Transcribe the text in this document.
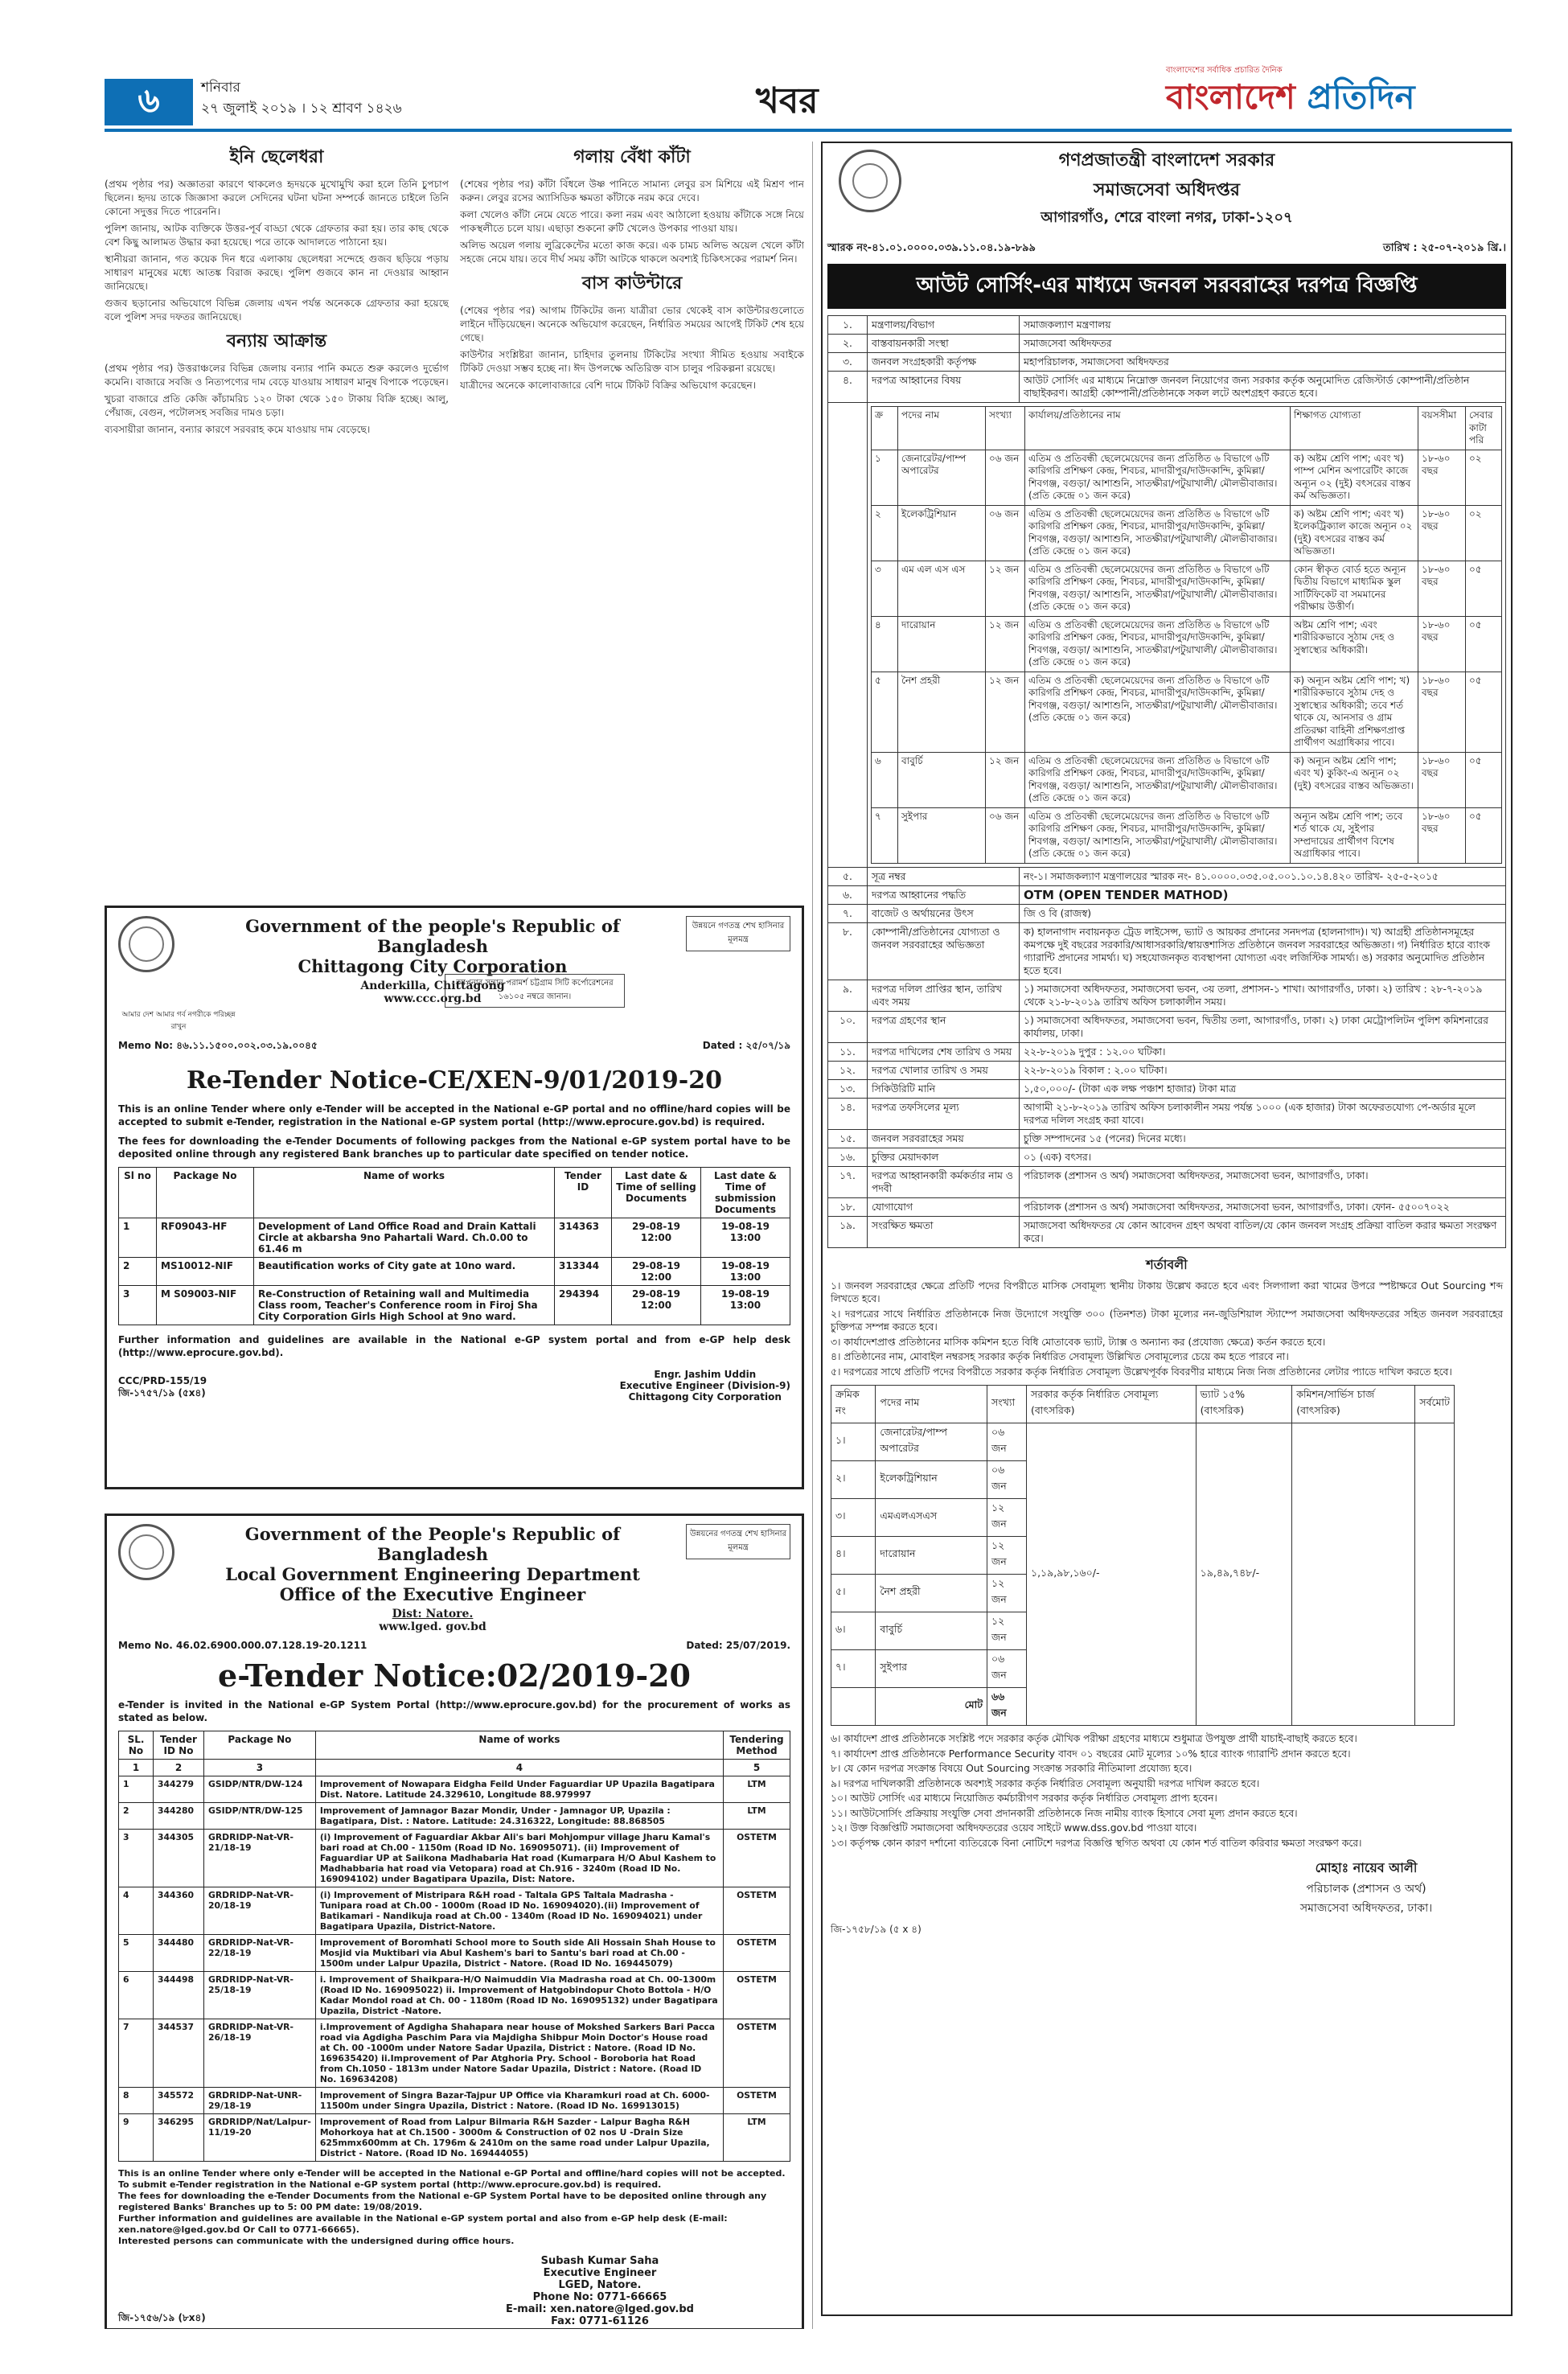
৬	শনিবার
২৭ জুলাই ২০১৯ । ১২ শ্রাবণ ১৪২৬	খবর
বাংলাদেশের সর্বাধিক প্রচারিত দৈনিক
বাংলাদেশ প্রতিদিন
ইনি ছেলেধরা

(প্রথম পৃষ্ঠার পর) অজ্ঞাতরা কারণে থাকলেও হৃদয়কে মুখোমুখি করা হলে তিনি চুপচাপ ছিলেন। হৃদয় তাকে জিজ্ঞাসা করলে সেদিনের ঘটনা ঘটনা সম্পর্কে জানতে চাইলে তিনি কোনো সদুত্তর দিতে পারেননি।

পুলিশ জানায়, আটক ব্যক্তিকে উত্তর-পূর্ব বাড্ডা থেকে গ্রেফতার করা হয়। তার কাছ থেকে বেশ কিছু আলামত উদ্ধার করা হয়েছে। পরে তাকে আদালতে পাঠানো হয়।

স্থানীয়রা জানান, গত কয়েক দিন ধরে এলাকায় ছেলেধরা সন্দেহে গুজব ছড়িয়ে পড়ায় সাধারণ মানুষের মধ্যে আতঙ্ক বিরাজ করছে। পুলিশ গুজবে কান না দেওয়ার আহ্বান জানিয়েছে।

গুজব ছড়ানোর অভিযোগে বিভিন্ন জেলায় এখন পর্যন্ত অনেককে গ্রেফতার করা হয়েছে বলে পুলিশ সদর দফতর জানিয়েছে।

বন্যায় আক্রান্ত

(প্রথম পৃষ্ঠার পর) উত্তরাঞ্চলের বিভিন্ন জেলায় বন্যার পানি কমতে শুরু করলেও দুর্ভোগ কমেনি। বাজারে সবজি ও নিত্যপণ্যের দাম বেড়ে যাওয়ায় সাধারণ মানুষ বিপাকে পড়েছেন।

খুচরা বাজারে প্রতি কেজি কাঁচামরিচ ১২০ টাকা থেকে ১৫০ টাকায় বিক্রি হচ্ছে। আলু, পেঁয়াজ, বেগুন, পটোলসহ সবজির দামও চড়া।

ব্যবসায়ীরা জানান, বন্যার কারণে সরবরাহ কমে যাওয়ায় দাম বেড়েছে।

গলায় বেঁধা কাঁটা

(শেষের পৃষ্ঠার পর) কাঁটা বিঁধলে উষ্ণ পানিতে সামান্য লেবুর রস মিশিয়ে এই মিশ্রণ পান করুন। লেবুর রসের অ্যাসিডিক ক্ষমতা কাঁটাকে নরম করে দেবে।

কলা খেলেও কাঁটা নেমে যেতে পারে। কলা নরম এবং আঠালো হওয়ায় কাঁটাকে সঙ্গে নিয়ে পাকস্থলীতে চলে যায়। এছাড়া শুকনো রুটি খেলেও উপকার পাওয়া যায়।

অলিভ অয়েল গলায় লুব্রিকেন্টের মতো কাজ করে। এক চামচ অলিভ অয়েল খেলে কাঁটা সহজে নেমে যায়। তবে দীর্ঘ সময় কাঁটা আটকে থাকলে অবশ্যই চিকিৎসকের পরামর্শ নিন।

বাস কাউন্টারে

(শেষের পৃষ্ঠার পর) আগাম টিকিটের জন্য যাত্রীরা ভোর থেকেই বাস কাউন্টারগুলোতে লাইনে দাঁড়িয়েছেন। অনেকে অভিযোগ করেছেন, নির্ধারিত সময়ের আগেই টিকিট শেষ হয়ে গেছে।

কাউন্টার সংশ্লিষ্টরা জানান, চাহিদার তুলনায় টিকিটের সংখ্যা সীমিত হওয়ায় সবাইকে টিকিট দেওয়া সম্ভব হচ্ছে না। ঈদ উপলক্ষে অতিরিক্ত বাস চালুর পরিকল্পনা রয়েছে।

যাত্রীদের অনেকে কালোবাজারে বেশি দামে টিকিট বিক্রির অভিযোগ করেছেন।

Government of the people's Republic of Bangladesh
Chittagong City Corporation
Anderkilla, Chittagong
www.ccc.org.bd
উন্নয়নে গণতন্ত্র শেখ হাসিনার মূলমন্ত্র
আমার দেশ আমার গর্ব নগরীকে পরিচ্ছন্ন রাখুন
আপনার সন্তান-পরামর্শ চট্টগ্রাম সিটি কর্পোরেশনের ১৬১০৫ নম্বরে জানান।
Memo No: ৪৬.১১.১৫০০.০০২.০৩.১৯.০০৪৫	Dated : ২৫/০৭/১৯
Re-Tender Notice-CE/XEN-9/01/2019-20

This is an online Tender where only e-Tender will be accepted in the National e-GP portal and no offline/hard copies will be accepted to submit e-Tender, registration in the National e-GP system portal (http://www.eprocure.gov.bd) is required.

The fees for downloading the e-Tender Documents of following packges from the National e-GP system portal have to be deposited online through any registered Bank branches up to particular date specified on tender notice.

Sl no	Package No	Name of works	Tender ID	Last date & Time of selling Documents	Last date & Time of submission Documents
1	RF09043-HF	Development of Land Office Road and Drain Kattali Circle at akbarsha 9no Pahartali Ward. Ch.0.00 to 61.46 m	314363	29-08-19 12:00	19-08-19 13:00
2	MS10012-NIF	Beautification works of City gate at 10no ward.	313344	29-08-19 12:00	19-08-19 13:00
3	M S09003-NIF	Re-Construction of Retaining wall and Multimedia Class room, Teacher's Conference room in Firoj Sha City Corporation Girls High School at 9no ward.	294394	29-08-19 12:00	19-08-19 13:00

Further information and guidelines are available in the National e-GP system portal and from e-GP help desk (http://www.eprocure.gov.bd).

CCC/PRD-155/19
জি-১৭৫৭/১৯ (৫x৪)
Engr. Jashim Uddin
Executive Engineer (Division-9)
Chittagong City Corporation
Government of the People's Republic of Bangladesh
Local Government Engineering Department
Office of the Executive Engineer
Dist: Natore.
www.lged. gov.bd
উন্নয়নের গণতন্ত্র শেখ হাসিনার মূলমন্ত্র
Memo No. 46.02.6900.000.07.128.19-20.1211	Dated: 25/07/2019.
e-Tender Notice:02/2019-20

e-Tender is invited in the National e-GP System Portal (http://www.eprocure.gov.bd) for the procurement of works as stated as below.

SL. No	Tender ID No	Package No	Name of works	Tendering Method
1	2	3	4	5
1	344279	GSIDP/NTR/DW-124	Improvement of Nowapara Eidgha Feild Under Faguardiar UP Upazila Bagatipara Dist. Natore. Latitude 24.329610, Longitude 88.979997	LTM
2	344280	GSIDP/NTR/DW-125	Improvement of Jamnagor Bazar Mondir, Under - Jamnagor UP, Upazila : Bagatipara, Dist. : Natore. Latitude: 24.316322, Longitude: 88.868505	LTM
3	344305	GRDRIDP-Nat-VR-21/18-19	(i) Improvement of Faguardiar Akbar Ali's bari Mohjompur village Jharu Kamal's bari road at Ch.00 - 1150m (Road ID No. 169095071). (ii) Improvement of Faguardiar UP at Saiikona Madhabaria Hat road (Kumarpara H/O Abul Kashem to Madhabbaria hat road via Vetopara) road at Ch.916 - 3240m (Road ID No. 169094102) under Bagatipara Upazila, Dist: Natore.	OSTETM
4	344360	GRDRIDP-Nat-VR-20/18-19	(i) Improvement of Mistripara R&H road - Taltala GPS Taltala Madrasha - Tunipara road at Ch.00 - 1000m (Road ID No. 169094020).(ii) Improvement of Batikamari - Nandikuja road at Ch.00 - 1340m (Road ID No. 169094021) under Bagatipara Upazila, District-Natore.	OSTETM
5	344480	GRDRIDP-Nat-VR-22/18-19	Improvement of Boromhati School more to South side Ali Hossain Shah House to Mosjid via Muktibari via Abul Kashem's bari to Santu's bari road at Ch.00 - 1500m under Lalpur Upazila, District - Natore. (Road ID No. 169445079)	OSTETM
6	344498	GRDRIDP-Nat-VR-25/18-19	i. Improvement of Shaikpara-H/O Naimuddin Via Madrasha road at Ch. 00-1300m (Road ID No. 169095022) ii. Improvement of Hatgobindopur Choto Bottola - H/O Kadar Mondol road at Ch. 00 - 1180m (Road ID No. 169095132) under Bagatipara Upazila, District -Natore.	OSTETM
7	344537	GRDRIDP-Nat-VR-26/18-19	i.Improvement of Agdigha Shahapara near house of Mokshed Sarkers Bari Pacca road via Agdigha Paschim Para via Majdigha Shibpur Moin Doctor's House road at Ch. 00 -1000m under Natore Sadar Upazila, District : Natore. (Road ID No. 169635420) ii.Improvement of Par Atghoria Pry. School - Boroboria hat Road from Ch.1050 - 1813m under Natore Sadar Upazila, District : Natore. (Road ID No. 169634208)	OSTETM
8	345572	GRDRIDP-Nat-UNR-29/18-19	Improvement of Singra Bazar-Tajpur UP Office via Kharamkuri road at Ch. 6000-11500m under Singra Upazila, District : Natore. (Road ID No. 169913015)	OSTETM
9	346295	GRDRIDP/Nat/Lalpur- 11/19-20	Improvement of Road from Lalpur Bilmaria R&H Sazder - Lalpur Bagha R&H Mohorkoya hat at Ch.1500 - 3000m & Construction of 02 nos U -Drain Size 625mmx600mm at Ch. 1796m & 2410m on the same road under Lalpur Upazila, District - Natore. (Road ID No. 169444055)	LTM
This is an online Tender where only e-Tender will be accepted in the National e-GP Portal and offline/hard copies will not be accepted. To submit e-Tender registration in the National e-GP system portal (http://www.eprocure.gov.bd) is required.
The fees for downloading the e-Tender Documents from the National e-GP System Portal have to be deposited online through any registered Banks' Branches up to 5: 00 PM date: 19/08/2019.
Further information and guidelines are available in the National e-GP system portal and also from e-GP help desk (E-mail: xen.natore@lged.gov.bd Or Call to 0771-66665).
Interested persons can communicate with the undersigned during office hours.
জি-১৭৫৬/১৯ (৮x৪)
Subash Kumar Saha
Executive Engineer
LGED, Natore.
Phone No: 0771-66665
E-mail: xen.natore@lged.gov.bd
Fax: 0771-61126
গণপ্রজাতন্ত্রী বাংলাদেশ সরকার
সমাজসেবা অধিদপ্তর
আগারগাঁও, শেরে বাংলা নগর, ঢাকা-১২০৭
স্মারক নং-৪১.০১.০০০০.০৩৯.১১.০৪.১৯-৮৯৯	তারিখ : ২৫-০৭-২০১৯ খ্রি.।
আউট সোর্সিং-এর মাধ্যমে জনবল সরবরাহের দরপত্র বিজ্ঞপ্তি
১.	মন্ত্রণালয়/বিভাগ	সমাজকল্যাণ মন্ত্রণালয়
২.	বাস্তবায়নকারী সংস্থা	সমাজসেবা অধিদফতর
৩.	জনবল সংগ্রহকারী কর্তৃপক্ষ	মহাপরিচালক, সমাজসেবা অধিদফতর
৪.	দরপত্র আহ্বানের বিষয়	আউট সোর্সিং এর মাধ্যমে নিম্নোক্ত জনবল নিয়োগের জন্য সরকার কর্তৃক অনুমোদিত রেজিস্টার্ড কোম্পানী/প্রতিষ্ঠান বাছাইকরণ। আগ্রহী কোম্পানী/প্রতিষ্ঠানকে সকল লটে অংশগ্রহণ করতে হবে।

ক্র	পদের নাম	সংখ্যা	কার্যালয়/প্রতিষ্ঠানের নাম	শিক্ষাগত যোগ্যতা	বয়সসীমা	সেবার কাটা পরি
১	জেনারেটর/পাম্প অপারেটর	০৬ জন	এতিম ও প্রতিবন্ধী ছেলেমেয়েদের জন্য প্রতিষ্ঠিত ৬ বিভাগে ৬টি কারিগরি প্রশিক্ষণ কেন্দ্র, শিবচর, মাদারীপুর/দাউদকান্দি, কুমিল্লা/শিবগঞ্জ, বগুড়া/ আশাশুনি, সাতক্ষীরা/পটুয়াখালী/ মৌলভীবাজার। (প্রতি কেন্দ্রে ০১ জন করে)	ক) অষ্টম শ্রেণি পাশ; এবং খ) পাম্প মেশিন অপারেটিং কাজে অন্যূন ০২ (দুই) বৎসরের বাস্তব কর্ম অভিজ্ঞতা।	১৮-৬০ বছর	০২
২	ইলেকট্রিশিয়ান	০৬ জন	এতিম ও প্রতিবন্ধী ছেলেমেয়েদের জন্য প্রতিষ্ঠিত ৬ বিভাগে ৬টি কারিগরি প্রশিক্ষণ কেন্দ্র, শিবচর, মাদারীপুর/দাউদকান্দি, কুমিল্লা/শিবগঞ্জ, বগুড়া/ আশাশুনি, সাতক্ষীরা/পটুয়াখালী/ মৌলভীবাজার। (প্রতি কেন্দ্রে ০১ জন করে)	ক) অষ্টম শ্রেণি পাশ; এবং খ) ইলেকট্রিক্যাল কাজে অন্যূন ০২ (দুই) বৎসরের বাস্তব কর্ম অভিজ্ঞতা।	১৮-৬০ বছর	০২
৩	এম এল এস এস	১২ জন	এতিম ও প্রতিবন্ধী ছেলেমেয়েদের জন্য প্রতিষ্ঠিত ৬ বিভাগে ৬টি কারিগরি প্রশিক্ষণ কেন্দ্র, শিবচর, মাদারীপুর/দাউদকান্দি, কুমিল্লা/শিবগঞ্জ, বগুড়া/ আশাশুনি, সাতক্ষীরা/পটুয়াখালী/ মৌলভীবাজার। (প্রতি কেন্দ্রে ০১ জন করে)	কোন স্বীকৃত বোর্ড হতে অন্যূন দ্বিতীয় বিভাগে মাধ্যমিক স্কুল সার্টিফিকেট বা সমমানের পরীক্ষায় উত্তীর্ণ।	১৮-৬০ বছর	০৫
৪	দারোয়ান	১২ জন	এতিম ও প্রতিবন্ধী ছেলেমেয়েদের জন্য প্রতিষ্ঠিত ৬ বিভাগে ৬টি কারিগরি প্রশিক্ষণ কেন্দ্র, শিবচর, মাদারীপুর/দাউদকান্দি, কুমিল্লা/শিবগঞ্জ, বগুড়া/ আশাশুনি, সাতক্ষীরা/পটুয়াখালী/ মৌলভীবাজার। (প্রতি কেন্দ্রে ০১ জন করে)	অষ্টম শ্রেণি পাশ; এবং শারীরিকভাবে সুঠাম দেহ ও সুস্বাস্থ্যের অধিকারী।	১৮-৬০ বছর	০৫
৫	নৈশ প্রহরী	১২ জন	এতিম ও প্রতিবন্ধী ছেলেমেয়েদের জন্য প্রতিষ্ঠিত ৬ বিভাগে ৬টি কারিগরি প্রশিক্ষণ কেন্দ্র, শিবচর, মাদারীপুর/দাউদকান্দি, কুমিল্লা/শিবগঞ্জ, বগুড়া/ আশাশুনি, সাতক্ষীরা/পটুয়াখালী/ মৌলভীবাজার। (প্রতি কেন্দ্রে ০১ জন করে)	ক) অন্যূন অষ্টম শ্রেণি পাশ; খ) শারীরিকভাবে সুঠাম দেহ ও সুস্বাস্থ্যের অধিকারী; তবে শর্ত থাকে যে, আনসার ও গ্রাম প্রতিরক্ষা বাহিনী প্রশিক্ষণপ্রাপ্ত প্রার্থীগণ অগ্রাধিকার পাবে।	১৮-৬০ বছর	০৫
৬	বাবুর্চি	১২ জন	এতিম ও প্রতিবন্ধী ছেলেমেয়েদের জন্য প্রতিষ্ঠিত ৬ বিভাগে ৬টি কারিগরি প্রশিক্ষণ কেন্দ্র, শিবচর, মাদারীপুর/দাউদকান্দি, কুমিল্লা/শিবগঞ্জ, বগুড়া/ আশাশুনি, সাতক্ষীরা/পটুয়াখালী/ মৌলভীবাজার। (প্রতি কেন্দ্রে ০১ জন করে)	ক) অন্যূন অষ্টম শ্রেণি পাশ; এবং খ) কুকিং-এ অন্যূন ০২ (দুই) বৎসরের বাস্তব অভিজ্ঞতা।	১৮-৬০ বছর	০৫
৭	সুইপার	০৬ জন	এতিম ও প্রতিবন্ধী ছেলেমেয়েদের জন্য প্রতিষ্ঠিত ৬ বিভাগে ৬টি কারিগরি প্রশিক্ষণ কেন্দ্র, শিবচর, মাদারীপুর/দাউদকান্দি, কুমিল্লা/শিবগঞ্জ, বগুড়া/ আশাশুনি, সাতক্ষীরা/পটুয়াখালী/ মৌলভীবাজার। (প্রতি কেন্দ্রে ০১ জন করে)	অন্যূন অষ্টম শ্রেণি পাশ; তবে শর্ত থাকে যে, সুইপার সম্প্রদায়ের প্রার্থীগণ বিশেষ অগ্রাধিকার পাবে।	১৮-৬০ বছর	০৫

৫.	সূত্র নম্বর	নং-১। সমাজকল্যাণ মন্ত্রণালয়ের স্মারক নং- ৪১.০০০০.০৩৫.০৫.০০১.১০.১৪.৪২০ তারিখ- ২৫-৫-২০১৫
৬.	দরপত্র আহ্বানের পদ্ধতি	OTM (OPEN TENDER MATHOD)
৭.	বাজেট ও অর্থায়নের উৎস	জি ও বি (রাজস্ব)
৮.	কোম্পানী/প্রতিষ্ঠানের যোগ্যতা ও জনবল সরবরাহের অভিজ্ঞতা	ক) হালনাগাদ নবায়নকৃত ট্রেড লাইসেন্স, ভ্যাট ও আয়কর প্রদানের সনদপত্র (হালনাগাদ)। খ) আগ্রহী প্রতিষ্ঠানসমূহের কমপক্ষে দুই বছরের সরকারি/আধাসরকারি/স্বায়ত্তশাসিত প্রতিষ্ঠানে জনবল সরবরাহের অভিজ্ঞতা। গ) নির্ধারিত হারে ব্যাংক গ্যারান্টি প্রদানের সামর্থ্য। ঘ) সহযোজনকৃত ব্যবস্থাপনা যোগ্যতা এবং লজিস্টিক সামর্থ্য। ঙ) সরকার অনুমোদিত প্রতিষ্ঠান হতে হবে।
৯.	দরপত্র দলিল প্রাপ্তির স্থান, তারিখ এবং সময়	১) সমাজসেবা অধিদফতর, সমাজসেবা ভবন, ৩য় তলা, প্রশাসন-১ শাখা। আগারগাঁও, ঢাকা। ২) তারিখ : ২৮-৭-২০১৯ থেকে ২১-৮-২০১৯ তারিখ অফিস চলাকালীন সময়।
১০.	দরপত্র গ্রহণের স্থান	১) সমাজসেবা অধিদফতর, সমাজসেবা ভবন, দ্বিতীয় তলা, আগারগাঁও, ঢাকা। ২) ঢাকা মেট্রোপলিটন পুলিশ কমিশনারের কার্যালয়, ঢাকা।
১১.	দরপত্র দাখিলের শেষ তারিখ ও সময়	২২-৮-২০১৯ দুপুর : ১২.০০ ঘটিকা।
১২.	দরপত্র খোলার তারিখ ও সময়	২২-৮-২০১৯ বিকাল : ২.০০ ঘটিকা।
১৩.	সিকিউরিটি মানি	১,৫০,০০০/- (টাকা এক লক্ষ পঞ্চাশ হাজার) টাকা মাত্র
১৪.	দরপত্র তফসিলের মূল্য	আগামী ২১-৮-২০১৯ তারিখ অফিস চলাকালীন সময় পর্যন্ত ১০০০ (এক হাজার) টাকা অফেরতযোগ্য পে-অর্ডার মূলে দরপত্র দলিল সংগ্রহ করা যাবে।
১৫.	জনবল সরবরাহের সময়	চুক্তি সম্পাদনের ১৫ (পনের) দিনের মধ্যে।
১৬.	চুক্তির মেয়াদকাল	০১ (এক) বৎসর।
১৭.	দরপত্র আহ্বানকারী কর্মকর্তার নাম ও পদবী	পরিচালক (প্রশাসন ও অর্থ) সমাজসেবা অধিদফতর, সমাজসেবা ভবন, আগারগাঁও, ঢাকা।
১৮.	যোগাযোগ	পরিচালক (প্রশাসন ও অর্থ) সমাজসেবা অধিদফতর, সমাজসেবা ভবন, আগারগাঁও, ঢাকা। ফোন- ৫৫০০৭০২২
১৯.	সংরক্ষিত ক্ষমতা	সমাজসেবা অধিদফতর যে কোন আবেদন গ্রহণ অথবা বাতিল/যে কোন জনবল সংগ্রহ প্রক্রিয়া বাতিল করার ক্ষমতা সংরক্ষণ করে।
শর্তাবলী

১। জনবল সরবরাহের ক্ষেত্রে প্রতিটি পদের বিপরীতে মাসিক সেবামূল্য স্থানীয় টাকায় উল্লেখ করতে হবে এবং সিলগালা করা খামের উপরে স্পষ্টাক্ষরে Out Sourcing শব্দ লিখতে হবে।

২। দরপত্রের সাথে নির্ধারিত প্রতিষ্ঠানকে নিজ উদ্যোগে সংযুক্তি ৩০০ (তিনশত) টাকা মূল্যের নন-জুডিশিয়াল স্ট্যাম্পে সমাজসেবা অধিদফতরের সহিত জনবল সরবরাহের চুক্তিপত্র সম্পন্ন করতে হবে।

৩। কার্যাদেশপ্রাপ্ত প্রতিষ্ঠানের মাসিক কমিশন হতে বিধি মোতাবেক ভ্যাট, ট্যাক্স ও অন্যান্য কর (প্রযোজ্য ক্ষেত্রে) কর্তন করতে হবে।

৪। প্রতিষ্ঠানের নাম, মোবাইল নম্বরসহ সরকার কর্তৃক নির্ধারিত সেবামূল্য উল্লিখিত সেবামূল্যের চেয়ে কম হতে পারবে না।

৫। দরপত্রের সাথে প্রতিটি পদের বিপরীতে সরকার কর্তৃক নির্ধারিত সেবামূল্য উল্লেখপূর্বক বিবরণীর মাধ্যমে নিজ নিজ প্রতিষ্ঠানের লেটার প্যাডে দাখিল করতে হবে।

ক্রমিক নং	পদের নাম	সংখ্যা	সরকার কর্তৃক নির্ধারিত সেবামূল্য (বাৎসরিক)	ভ্যাট ১৫% (বাৎসরিক)	কমিশন/সার্ভিস চার্জ (বাৎসরিক)	সর্বমোট
১।	জেনারেটর/পাম্প অপারেটর	০৬ জন	১,১৯,৯৮,১৬০/-	১৯,৪৯,৭৪৮/-		
২।	ইলেকট্রিশিয়ান	০৬ জন				
৩।	এমএলএসএস	১২ জন				
৪।	দারোয়ান	১২ জন				
৫।	নৈশ প্রহরী	১২ জন				
৬।	বাবুর্চি	১২ জন				
৭।	সুইপার	০৬ জন				
	মোট	৬৬ জন				

৬। কার্যাদেশ প্রাপ্ত প্রতিষ্ঠানকে সংশ্লিষ্ট পদে সরকার কর্তৃক মৌখিক পরীক্ষা গ্রহণের মাধ্যমে শুধুমাত্র উপযুক্ত প্রার্থী যাচাই-বাছাই করতে হবে।

৭। কার্যাদেশ প্রাপ্ত প্রতিষ্ঠানকে Performance Security বাবদ ০১ বছরের মোট মূল্যের ১০% হারে ব্যাংক গ্যারান্টি প্রদান করতে হবে।

৮। যে কোন দরপত্র সংক্রান্ত বিষয়ে Out Sourcing সংক্রান্ত সরকারি নীতিমালা প্রযোজ্য হবে।

৯। দরপত্র দাখিলকারী প্রতিষ্ঠানকে অবশ্যই সরকার কর্তৃক নির্ধারিত সেবামূল্য অনুযায়ী দরপত্র দাখিল করতে হবে।

১০। আউট সোর্সিং এর মাধ্যমে নিয়োজিত কর্মচারীগণ সরকার কর্তৃক নির্ধারিত সেবামূল্য প্রাপ্য হবেন।

১১। আউটসোর্সিং প্রক্রিয়ায় সংযুক্তি সেবা প্রদানকারী প্রতিষ্ঠানকে নিজ নামীয় ব্যাংক হিসাবে সেবা মূল্য প্রদান করতে হবে।

১২। উক্ত বিজ্ঞপ্তিটি সমাজসেবা অধিদফতরের ওয়েব সাইটে www.dss.gov.bd পাওয়া যাবে।

১৩। কর্তৃপক্ষ কোন কারণ দর্শানো ব্যতিরেকে বিনা নোটিশে দরপত্র বিজ্ঞপ্তি স্থগিত অথবা যে কোন শর্ত বাতিল করিবার ক্ষমতা সংরক্ষণ করে।

মোহাঃ নায়েব আলী
পরিচালক (প্রশাসন ও অর্থ)
সমাজসেবা অধিদফতর, ঢাকা।
জি-১৭৫৮/১৯ (৫ x ৪)
